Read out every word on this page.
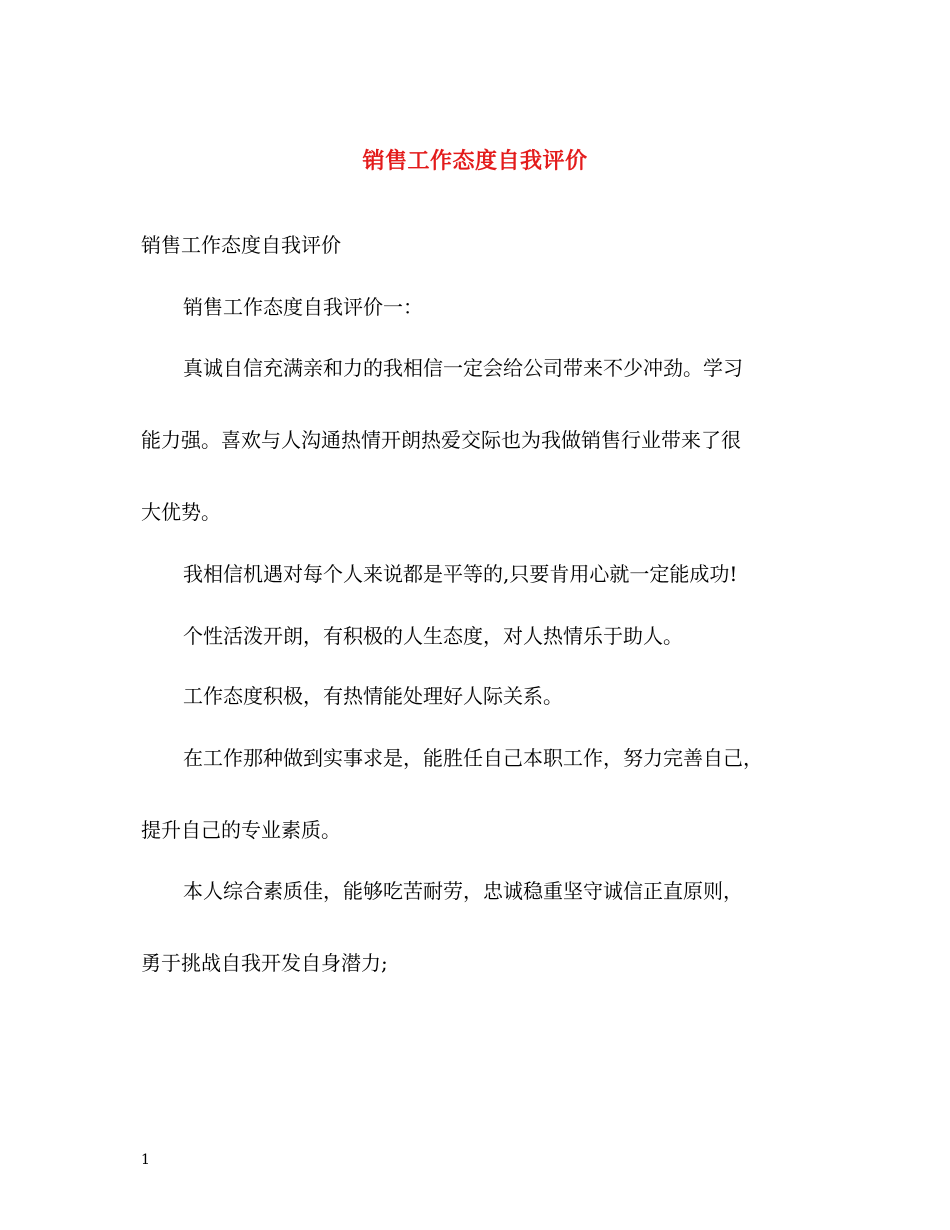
销售工作态度自我评价
销售工作态度自我评价
销售工作态度自我评价一：
真诚自信充满亲和力的我相信一定会给公司带来不少冲劲。学习
能力强。喜欢与人沟通热情开朗热爱交际也为我做销售行业带来了很
大优势。
我相信机遇对每个人来说都是平等的,只要肯用心就一定能成功!
个性活泼开朗，有积极的人生态度，对人热情乐于助人。
工作态度积极，有热情能处理好人际关系。
在工作那种做到实事求是，能胜任自己本职工作，努力完善自己，
提升自己的专业素质。
本人综合素质佳，能够吃苦耐劳，忠诚稳重坚守诚信正直原则，
勇于挑战自我开发自身潜力;
1
